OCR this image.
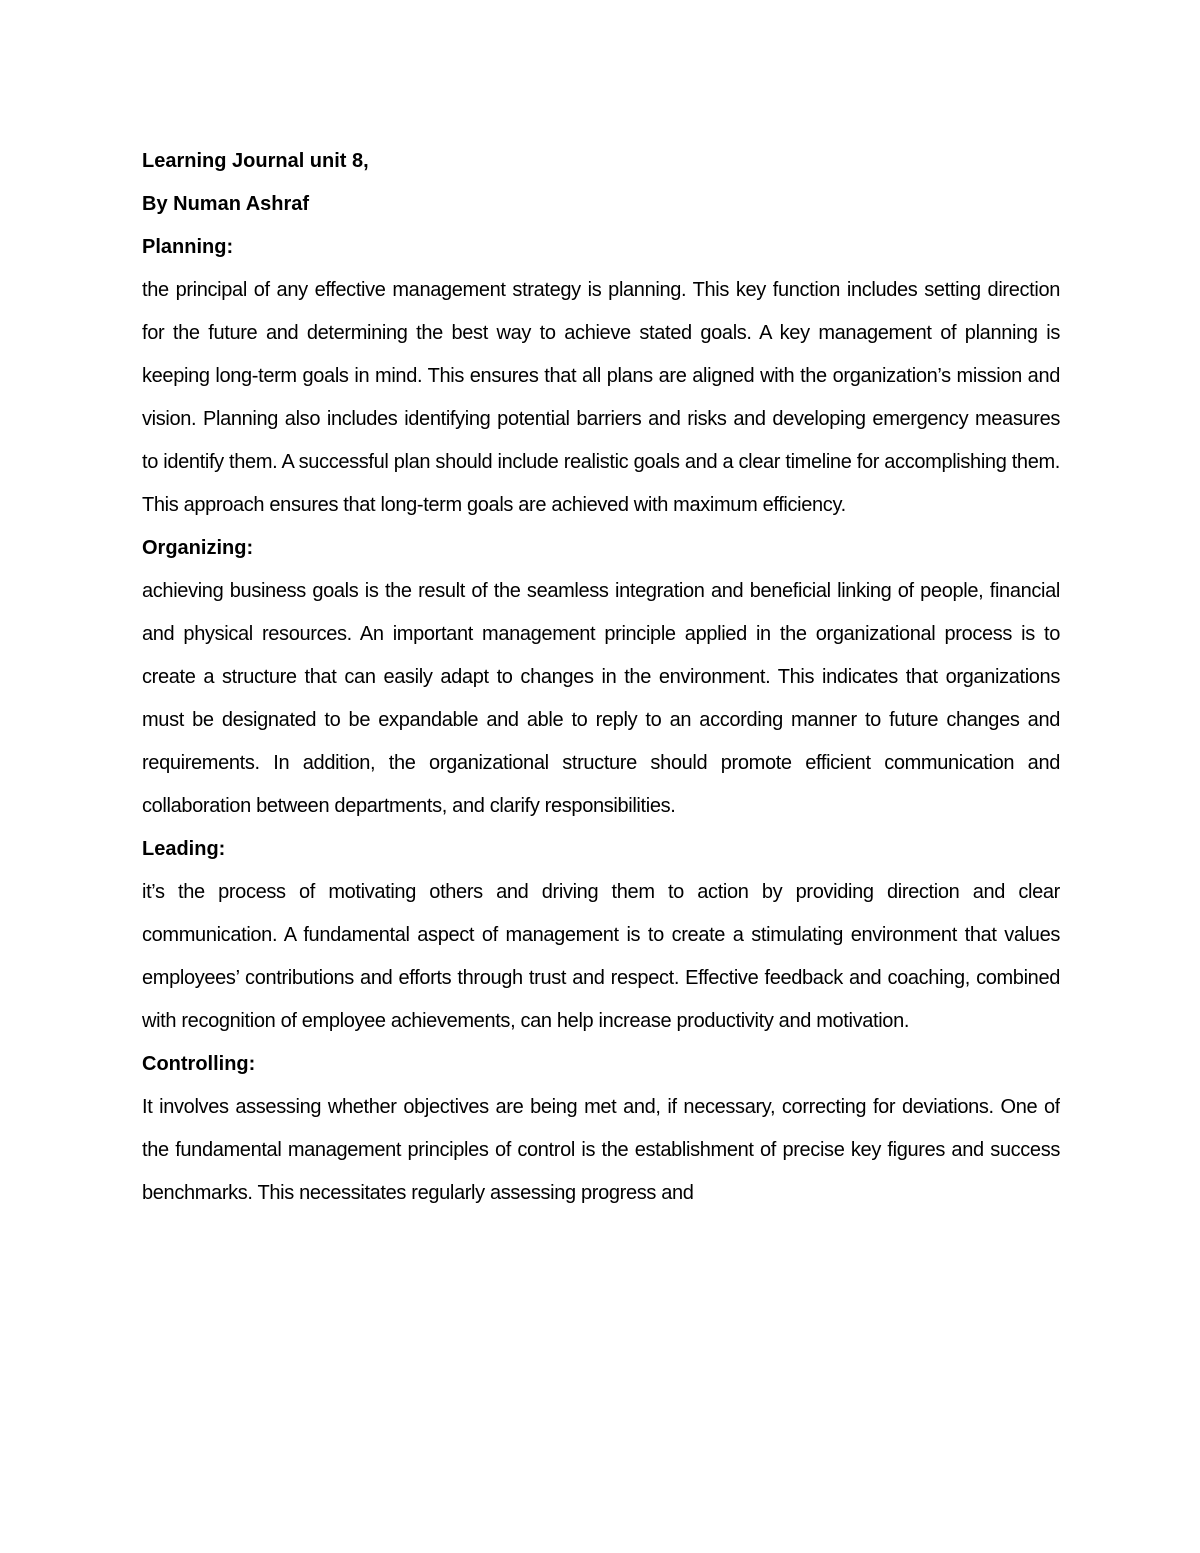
Learning Journal unit 8,
By Numan Ashraf
Planning:

the principal of any effective management strategy is planning. This key function includes setting direction for the future and determining the best way to achieve stated goals. A key management of planning is keeping long-term goals in mind. This ensures that all plans are aligned with the organization’s mission and vision. Planning also includes identifying potential barriers and risks and developing emergency measures to identify them. A successful plan should include realistic goals and a clear timeline for accomplishing them. This approach ensures that long-term goals are achieved with maximum efficiency.

Organizing:

achieving business goals is the result of the seamless integration and beneficial linking of people, financial and physical resources. An important management principle applied in the organizational process is to create a structure that can easily adapt to changes in the environment. This indicates that organizations must be designated to be expandable and able to reply to an according manner to future changes and requirements. In addition, the organizational structure should promote efficient communication and collaboration between departments, and clarify responsibilities.

Leading:

it’s the process of motivating others and driving them to action by providing direction and clear communication. A fundamental aspect of management is to create a stimulating environment that values employees’ contributions and efforts through trust and respect. Effective feedback and coaching, combined with recognition of employee achievements, can help increase productivity and motivation.

Controlling:

It involves assessing whether objectives are being met and, if necessary, correcting for deviations. One of the fundamental management principles of control is the establishment of precise key figures and success benchmarks. This necessitates regularly assessing progress and
